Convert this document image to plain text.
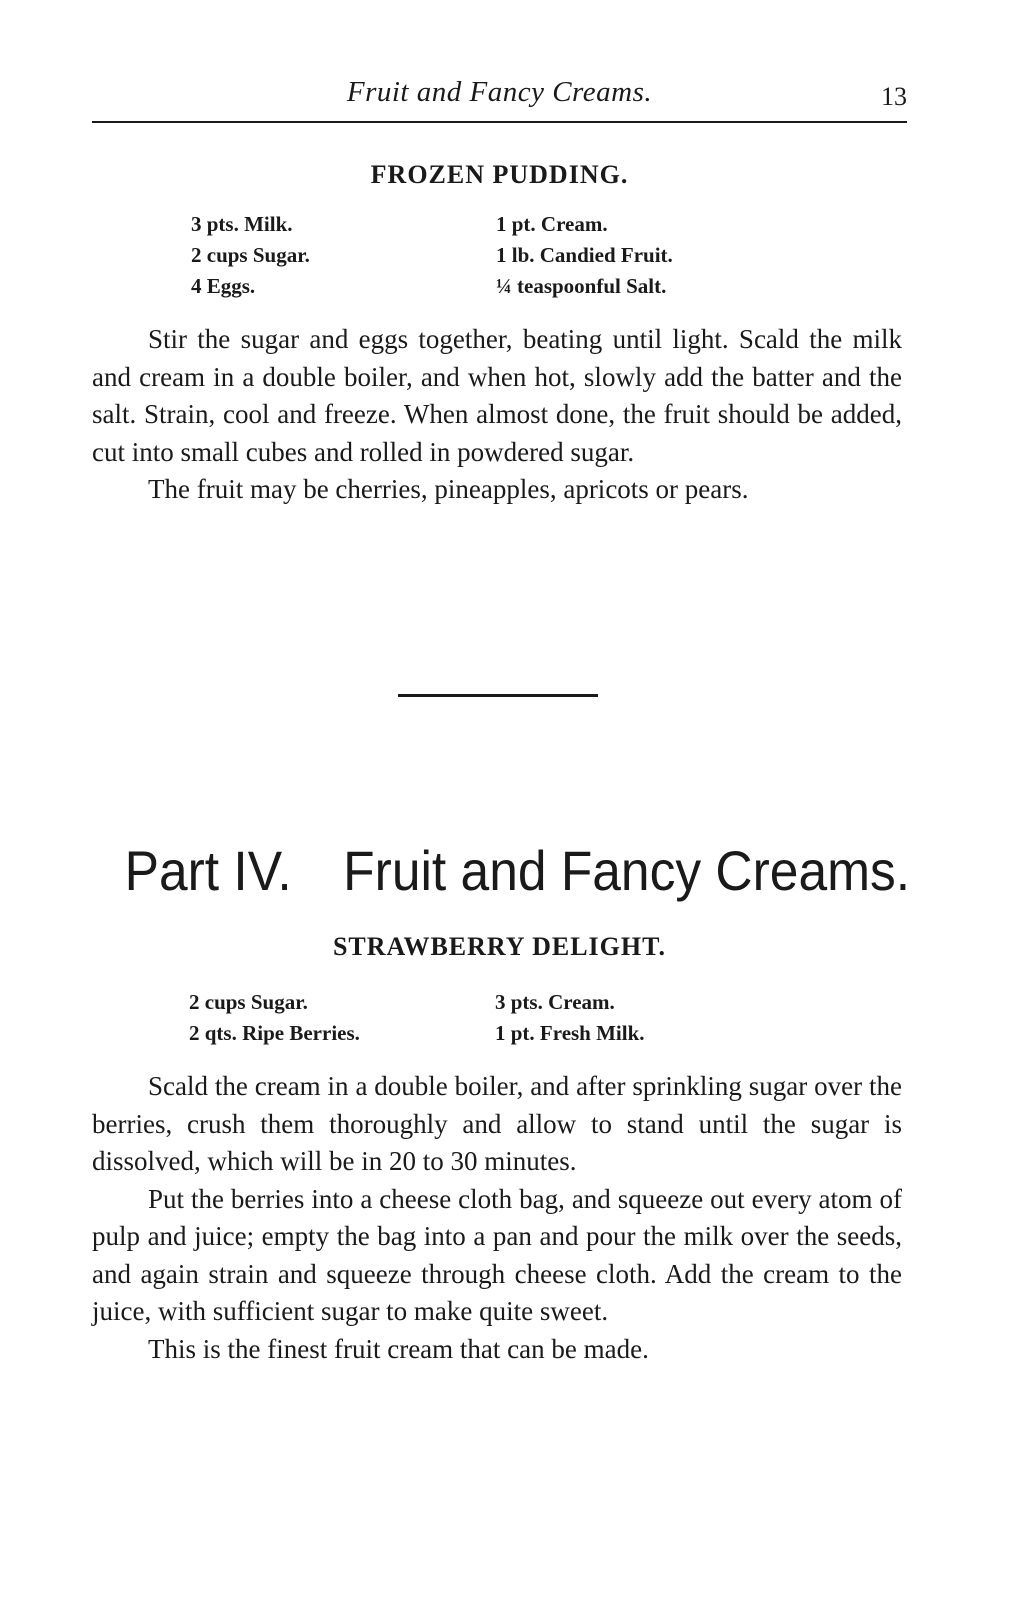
Fruit and Fancy Creams.	13
FROZEN PUDDING.
3 pts. Milk.
2 cups Sugar.
4 Eggs.
1 pt. Cream.
1 lb. Candied Fruit.
¼ teaspoonful Salt.

Stir the sugar and eggs together, beating until light. Scald the milk and cream in a double boiler, and when hot, slowly add the batter and the salt. Strain, cool and freeze. When almost done, the fruit should be added, cut into small cubes and rolled in powdered sugar.

The fruit may be cherries, pineapples, apricots or pears.

Part IV. Fruit and Fancy Creams.
STRAWBERRY DELIGHT.
2 cups Sugar.
2 qts. Ripe Berries.
3 pts. Cream.
1 pt. Fresh Milk.

Scald the cream in a double boiler, and after sprinkling sugar over the berries, crush them thoroughly and allow to stand until the sugar is dissolved, which will be in 20 to 30 minutes.

Put the berries into a cheese cloth bag, and squeeze out every atom of pulp and juice; empty the bag into a pan and pour the milk over the seeds, and again strain and squeeze through cheese cloth. Add the cream to the juice, with sufficient sugar to make quite sweet.

This is the finest fruit cream that can be made.
